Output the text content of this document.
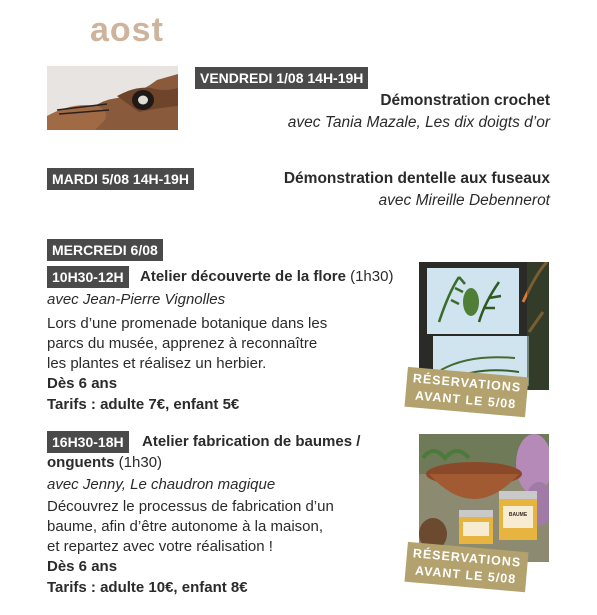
aost
VENDREDI 1/08 14H-19H
Démonstration crochet
avec Tania Mazale, Les dix doigts d’or
MARDI 5/08 14H-19H	Démonstration dentelle aux fuseaux
avec Mireille Debennerot
MERCREDI 6/08
10H30-12H	Atelier découverte de la flore (1h30)
avec Jean-Pierre Vignolles
Lors d’une promenade botanique dans les
parcs du musée, apprenez à reconnaître
les plantes et réalisez un herbier.
Dès 6 ans
Tarifs : adulte 7€, enfant 5€
RÉSERVATIONS
AVANT LE 5/08
16H30-18H	Atelier fabrication de baumes /
onguents (1h30)
avec Jenny, Le chaudron magique
Découvrez le processus de fabrication d’un
baume, afin d’être autonome à la maison,
et repartez avec votre réalisation !
Dès 6 ans
Tarifs : adulte 10€, enfant 8€
BAUME
RÉSERVATIONS
AVANT LE 5/08
